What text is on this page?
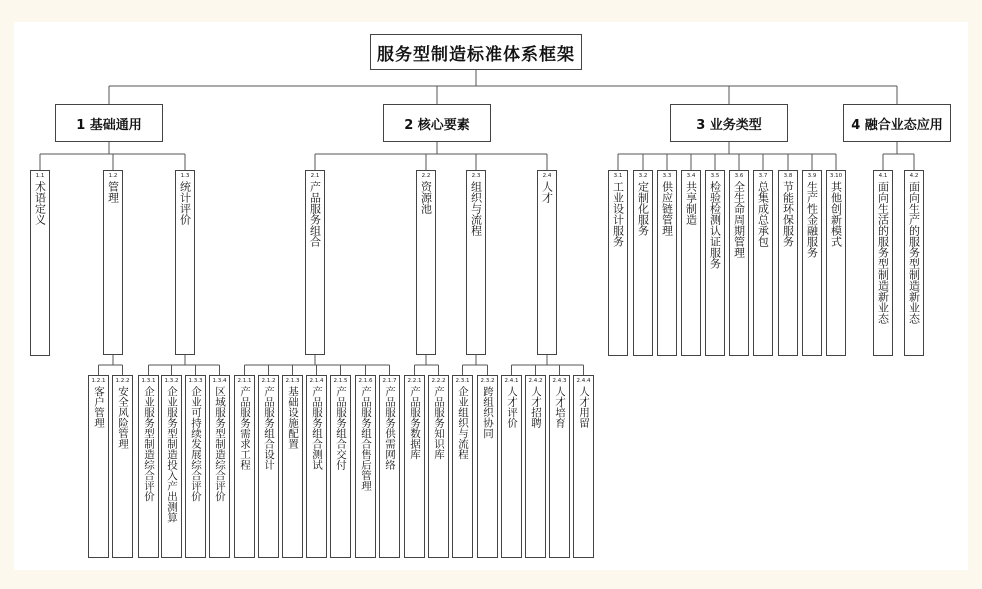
服务型制造标准体系框架
1 基础通用
1.1
术语定义
1.2
管理
1.2.1
客户管理
1.2.2
安全风险管理
1.3
统计评价
1.3.1
企业服务型制造综合评价
1.3.2
企业服务型制造投入产出测算
1.3.3
企业可持续发展综合评价
1.3.4
区域服务型制造综合评价
2 核心要素
2.1
产品服务组合
2.1.1
产品服务需求工程
2.1.2
产品服务组合设计
2.1.3
基础设施配置
2.1.4
产品服务组合测试
2.1.5
产品服务组合交付
2.1.6
产品服务组合售后管理
2.1.7
产品服务供需网络
2.2
资源池
2.2.1
产品服务数据库
2.2.2
产品服务知识库
2.3
组织与流程
2.3.1
企业组织与流程
2.3.2
跨组织协同
2.4
人才
2.4.1
人才评价
2.4.2
人才招聘
2.4.3
人才培育
2.4.4
人才用留
3 业务类型
3.1
工业设计服务
3.2
定制化服务
3.3
供应链管理
3.4
共享制造
3.5
检验检测认证服务
3.6
全生命周期管理
3.7
总集成总承包
3.8
节能环保服务
3.9
生产性金融服务
3.10
其他创新模式
4 融合业态应用
4.1
面向生活的服务型制造新业态
4.2
面向生产的服务型制造新业态
